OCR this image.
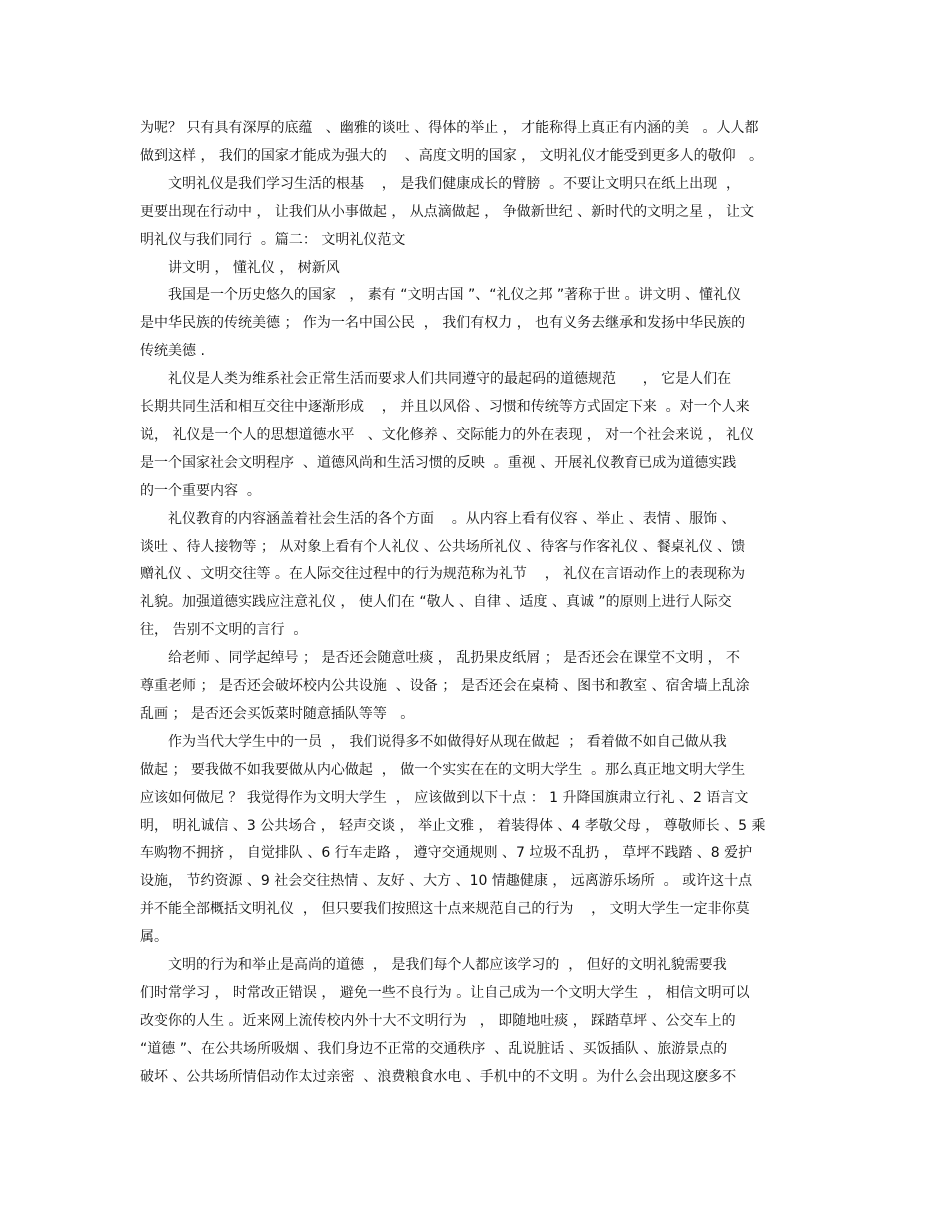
为呢？ 只有具有深厚的底蕴   、幽雅的谈吐 、得体的举止 ， 才能称得上真正有内涵的美   。人人都
做到这样 ， 我们的国家才能成为强大的    、高度文明的国家 ， 文明礼仪才能受到更多人的敬仰   。
　　文明礼仪是我们学习生活的根基    ， 是我们健康成长的臂膀  。不要让文明只在纸上出现  ，
更要出现在行动中 ， 让我们从小事做起 ， 从点滴做起 ， 争做新世纪 、新时代的文明之星 ， 让文
明礼仪与我们同行  。篇二： 文明礼仪范文
　　讲文明 ， 懂礼仪 ， 树新风
　　我国是一个历史悠久的国家   ， 素有 “文明古国 ”、“礼仪之邦 ”著称于世 。讲文明 、懂礼仪
是中华民族的传统美德 ； 作为一名中国公民  ， 我们有权力 ， 也有义务去继承和发扬中华民族的
传统美德 .
　　礼仪是人类为维系社会正常生活而要求人们共同遵守的最起码的道德规范      ， 它是人们在
长期共同生活和相互交往中逐渐形成    ， 并且以风俗 、习惯和传统等方式固定下来  。对一个人来
说， 礼仪是一个人的思想道德水平   、文化修养 、交际能力的外在表现 ， 对一个社会来说 ， 礼仪
是一个国家社会文明程序  、道德风尚和生活习惯的反映  。重视 、开展礼仪教育已成为道德实践
的一个重要内容  。
　　礼仪教育的内容涵盖着社会生活的各个方面    。从内容上看有仪容 、举止 、表情 、服饰 、
谈吐 、待人接物等 ； 从对象上看有个人礼仪 、公共场所礼仪 、待客与作客礼仪 、餐桌礼仪 、馈
赠礼仪 、文明交往等 。在人际交往过程中的行为规范称为礼节    ， 礼仪在言语动作上的表现称为
礼貌。加强道德实践应注意礼仪 ， 使人们在 “敬人 、自律 、适度 、真诚 ”的原则上进行人际交
往， 告别不文明的言行  。
　　给老师 、同学起绰号 ； 是否还会随意吐痰 ， 乱扔果皮纸屑 ； 是否还会在课堂不文明 ， 不
尊重老师 ； 是否还会破坏校内公共设施  、设备 ； 是否还会在桌椅 、图书和教室 、宿舍墙上乱涂
乱画 ； 是否还会买饭菜时随意插队等等   。
　　作为当代大学生中的一员  ， 我们说得多不如做得好从现在做起  ； 看着做不如自己做从我
做起 ； 要我做不如我要做从内心做起  ， 做一个实实在在的文明大学生  。那么真正地文明大学生
应该如何做尼 ？ 我觉得作为文明大学生  ， 应该做到以下十点 ： 1 升降国旗肃立行礼 、2 语言文
明， 明礼诚信 、3 公共场合 ， 轻声交谈 ， 举止文雅 ， 着装得体 、4 孝敬父母 ， 尊敬师长 、5 乘
车购物不拥挤 ， 自觉排队 、6 行车走路 ， 遵守交通规则 、7 垃圾不乱扔 ， 草坪不践踏 、8 爱护
设施， 节约资源 、9 社会交往热情 、友好 、大方 、10 情趣健康 ， 远离游乐场所  。 或许这十点
并不能全部概括文明礼仪  ， 但只要我们按照这十点来规范自己的行为    ， 文明大学生一定非你莫
属。
　　文明的行为和举止是高尚的道德  ， 是我们每个人都应该学习的  ， 但好的文明礼貌需要我
们时常学习 ， 时常改正错误 ， 避免一些不良行为 。让自己成为一个文明大学生  ， 相信文明可以
改变你的人生 。近来网上流传校内外十大不文明行为   ， 即随地吐痰 ， 踩踏草坪 、公交车上的
“道德 ”、在公共场所吸烟 、我们身边不正常的交通秩序  、乱说脏话 、买饭插队 、旅游景点的
破坏 、公共场所情侣动作太过亲密  、浪费粮食水电 、手机中的不文明 。为什么会出现这麽多不
